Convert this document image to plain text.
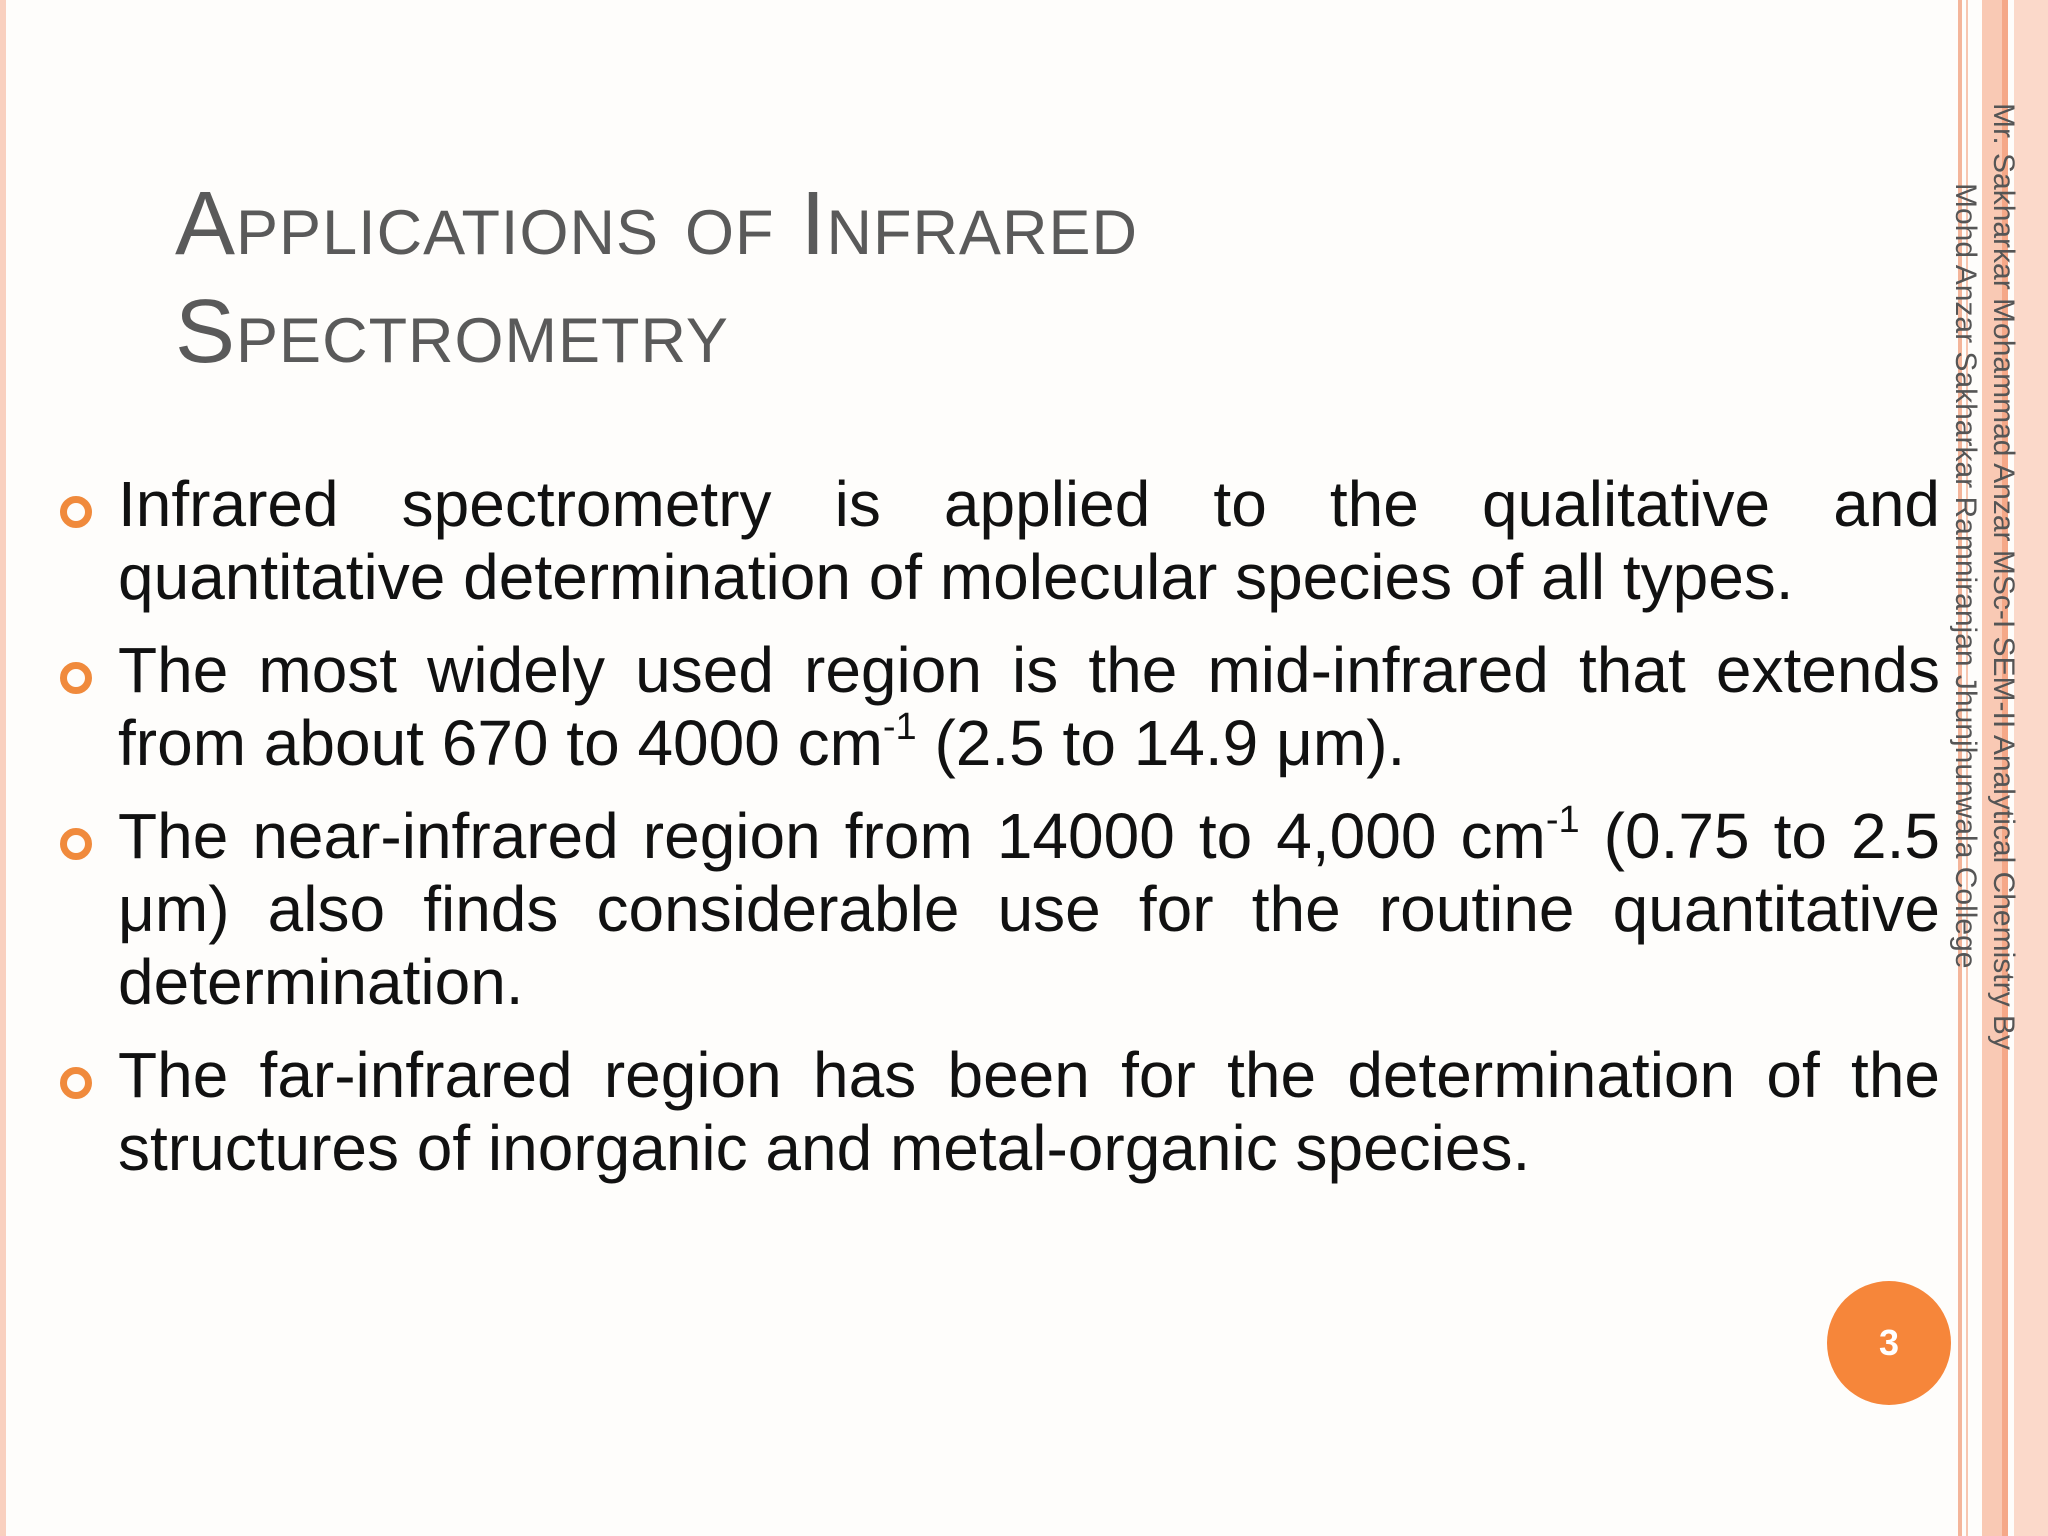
Applications of Infrared Spectrometry
Infrared spectrometry is applied to the qualitative and quantitative determination of molecular species of all types.
The most widely used region is the mid-infrared that extends from about 670 to 4000 $cm^{-1}$ (2.5 to 14.9 μm).
The near-infrared region from 14000 to 4,000 $cm^{-1}$ (0.75 to 2.5 μm) also finds considerable use for the routine quantitative determination.
The far-infrared region has been for the determination of the structures of inorganic and metal-organic species.
Mr. Sakharkar Mohammad Anzar MSc-I SEM-II Analytical Chemistry By Mohd Anzar Sakharkar Ramniranjan Jhunjhunwala College
3
